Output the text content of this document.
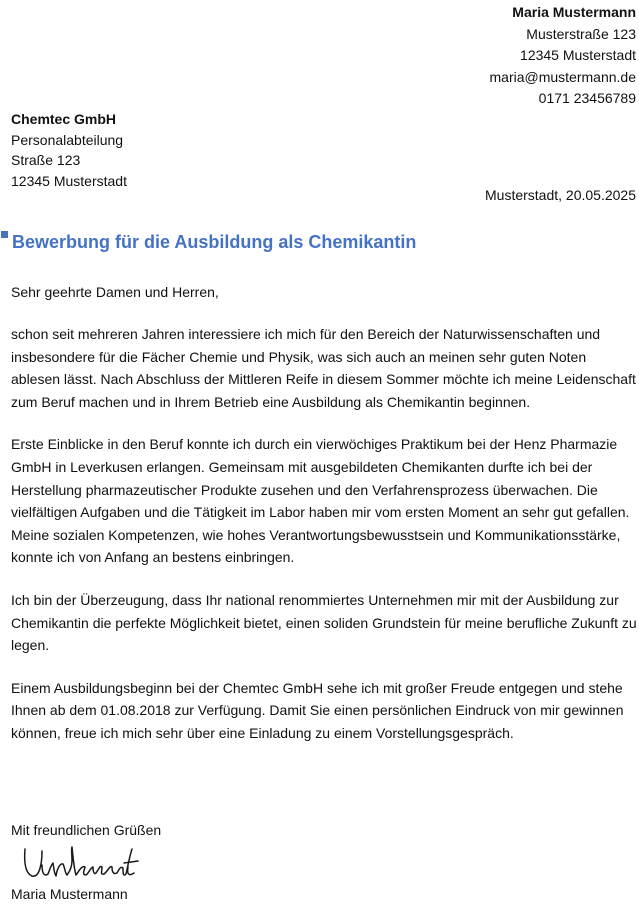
Maria Mustermann
Musterstraße 123
12345 Musterstadt
maria@mustermann.de
0171 23456789
Chemtec GmbH
Personalabteilung
Straße 123
12345 Musterstadt
Musterstadt, 20.05.2025
Bewerbung für die Ausbildung als Chemikantin
Sehr geehrte Damen und Herren,

schon seit mehreren Jahren interessiere ich mich für den Bereich der Naturwissenschaften und insbesondere für die Fächer Chemie und Physik, was sich auch an meinen sehr guten Noten ablesen lässt. Nach Abschluss der Mittleren Reife in diesem Sommer möchte ich meine Leidenschaft zum Beruf machen und in Ihrem Betrieb eine Ausbildung als Chemikantin beginnen.

Erste Einblicke in den Beruf konnte ich durch ein vierwöchiges Praktikum bei der Henz Pharmazie GmbH in Leverkusen erlangen. Gemeinsam mit ausgebildeten Chemikanten durfte ich bei der Herstellung pharmazeutischer Produkte zusehen und den Verfahrensprozess überwachen. Die vielfältigen Aufgaben und die Tätigkeit im Labor haben mir vom ersten Moment an sehr gut gefallen. Meine sozialen Kompetenzen, wie hohes Verantwortungsbewusstsein und Kommunikationsstärke, konnte ich von Anfang an bestens einbringen.

Ich bin der Überzeugung, dass Ihr national renommiertes Unternehmen mir mit der Ausbildung zur Chemikantin die perfekte Möglichkeit bietet, einen soliden Grundstein für meine berufliche Zukunft zu legen.

Einem Ausbildungsbeginn bei der Chemtec GmbH sehe ich mit großer Freude entgegen und stehe Ihnen ab dem 01.08.2018 zur Verfügung. Damit Sie einen persönlichen Eindruck von mir gewinnen können, freue ich mich sehr über eine Einladung zu einem Vorstellungsgespräch.

Mit freundlichen Grüßen
Maria Mustermann
